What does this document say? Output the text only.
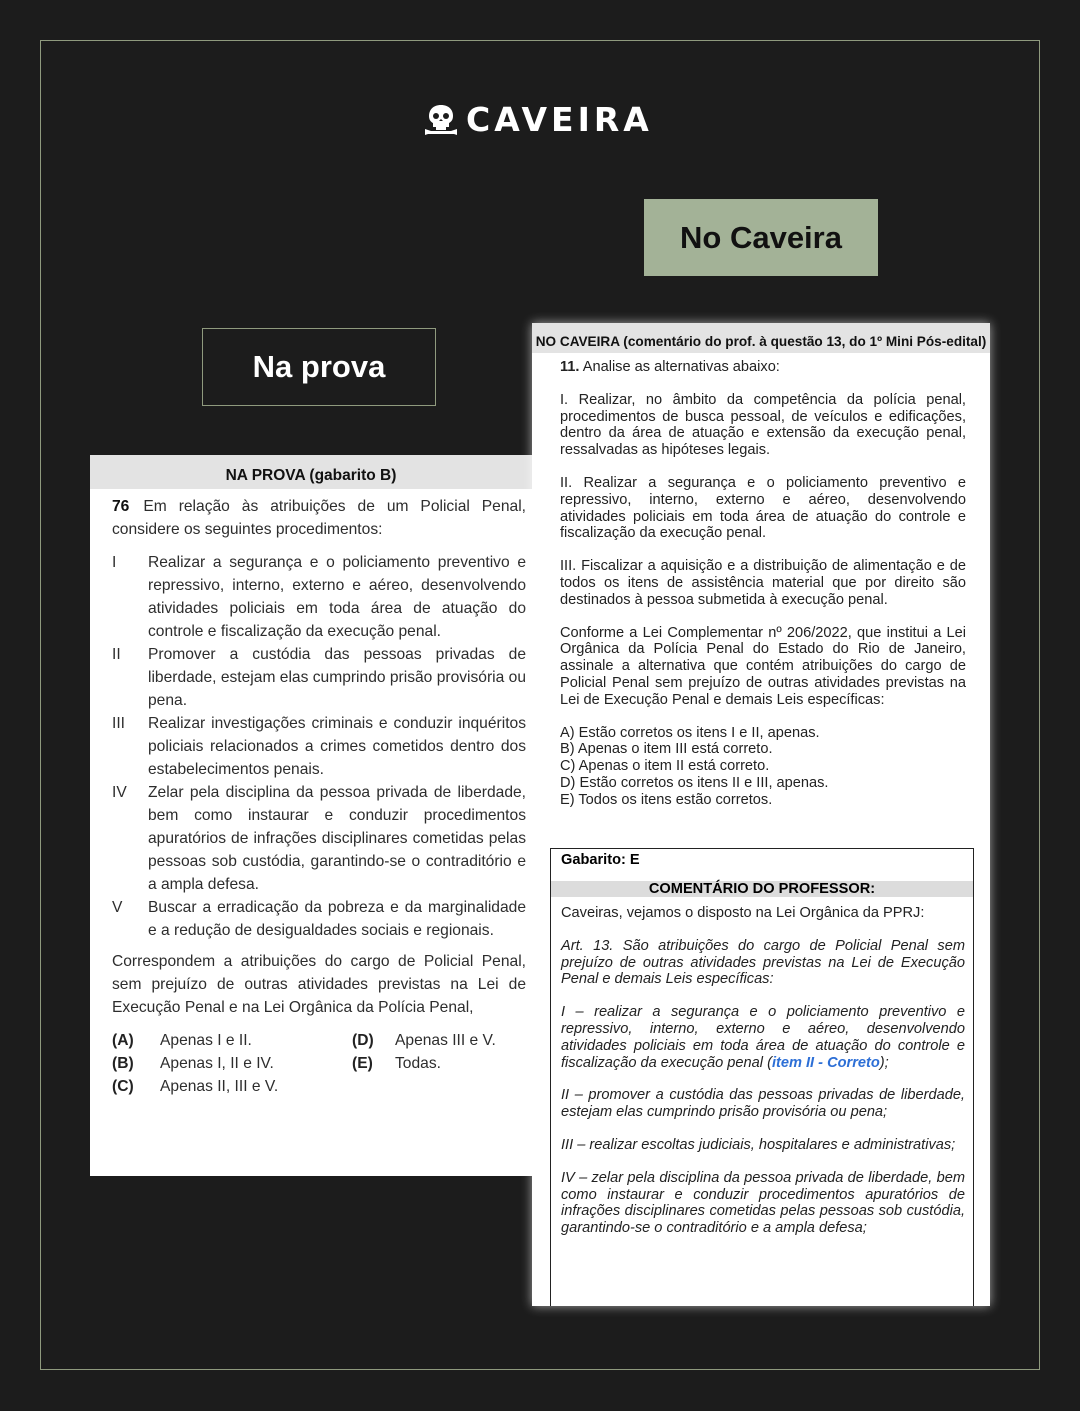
CAVEIRA
No Caveira
Na prova
NA PROVA (gabarito B)

76 Em relação às atribuições de um Policial Penal, considere os seguintes procedimentos:

I	Realizar a segurança e o policiamento preventivo e repressivo, interno, externo e aéreo, desenvolvendo atividades policiais em toda área de atuação do controle e fiscalização da execução penal.
II	Promover a custódia das pessoas privadas de liberdade, estejam elas cumprindo prisão provisória ou pena.
III	Realizar investigações criminais e conduzir inquéritos policiais relacionados a crimes cometidos dentro dos estabelecimentos penais.
IV	Zelar pela disciplina da pessoa privada de liberdade, bem como instaurar e conduzir procedimentos apuratórios de infrações disciplinares cometidas pelas pessoas sob custódia, garantindo-se o contraditório e a ampla defesa.
V	Buscar a erradicação da pobreza e da marginalidade e a redução de desigualdades sociais e regionais.
Correspondem a atribuições do cargo de Policial Penal, sem prejuízo de outras atividades previstas na Lei de Execução Penal e na Lei Orgânica da Polícia Penal,
(A)	Apenas I e II.	(D)	Apenas III e V.
(B)	Apenas I, II e IV.	(E)	Todas.
(C)	Apenas II, III e V.
NO CAVEIRA (comentário do prof. à questão 13, do 1º Mini Pós-edital)

11. Analise as alternativas abaixo:

I. Realizar, no âmbito da competência da polícia penal, procedimentos de busca pessoal, de veículos e edificações, dentro da área de atuação e extensão da execução penal, ressalvadas as hipóteses legais.

II. Realizar a segurança e o policiamento preventivo e repressivo, interno, externo e aéreo, desenvolvendo atividades policiais em toda área de atuação do controle e fiscalização da execução penal.

III. Fiscalizar a aquisição e a distribuição de alimentação e de todos os itens de assistência material que por direito são destinados à pessoa submetida à execução penal.

Conforme a Lei Complementar nº 206/2022, que institui a Lei Orgânica da Polícia Penal do Estado do Rio de Janeiro, assinale a alternativa que contém atribuições do cargo de Policial Penal sem prejuízo de outras atividades previstas na Lei de Execução Penal e demais Leis específicas:

A) Estão corretos os itens I e II, apenas.
B) Apenas o item III está correto.
C) Apenas o item II está correto.
D) Estão corretos os itens II e III, apenas.
E) Todos os itens estão corretos.
Gabarito: E
COMENTÁRIO DO PROFESSOR:

Caveiras, vejamos o disposto na Lei Orgânica da PPRJ:

Art. 13. São atribuições do cargo de Policial Penal sem prejuízo de outras atividades previstas na Lei de Execução Penal e demais Leis específicas:

I – realizar a segurança e o policiamento preventivo e repressivo, interno, externo e aéreo, desenvolvendo atividades policiais em toda área de atuação do controle e fiscalização da execução penal (item II - Correto);

II – promover a custódia das pessoas privadas de liberdade, estejam elas cumprindo prisão provisória ou pena;

III – realizar escoltas judiciais, hospitalares e administrativas;

IV – zelar pela disciplina da pessoa privada de liberdade, bem como instaurar e conduzir procedimentos apuratórios de infrações disciplinares cometidas pelas pessoas sob custódia, garantindo-se o contraditório e a ampla defesa;
